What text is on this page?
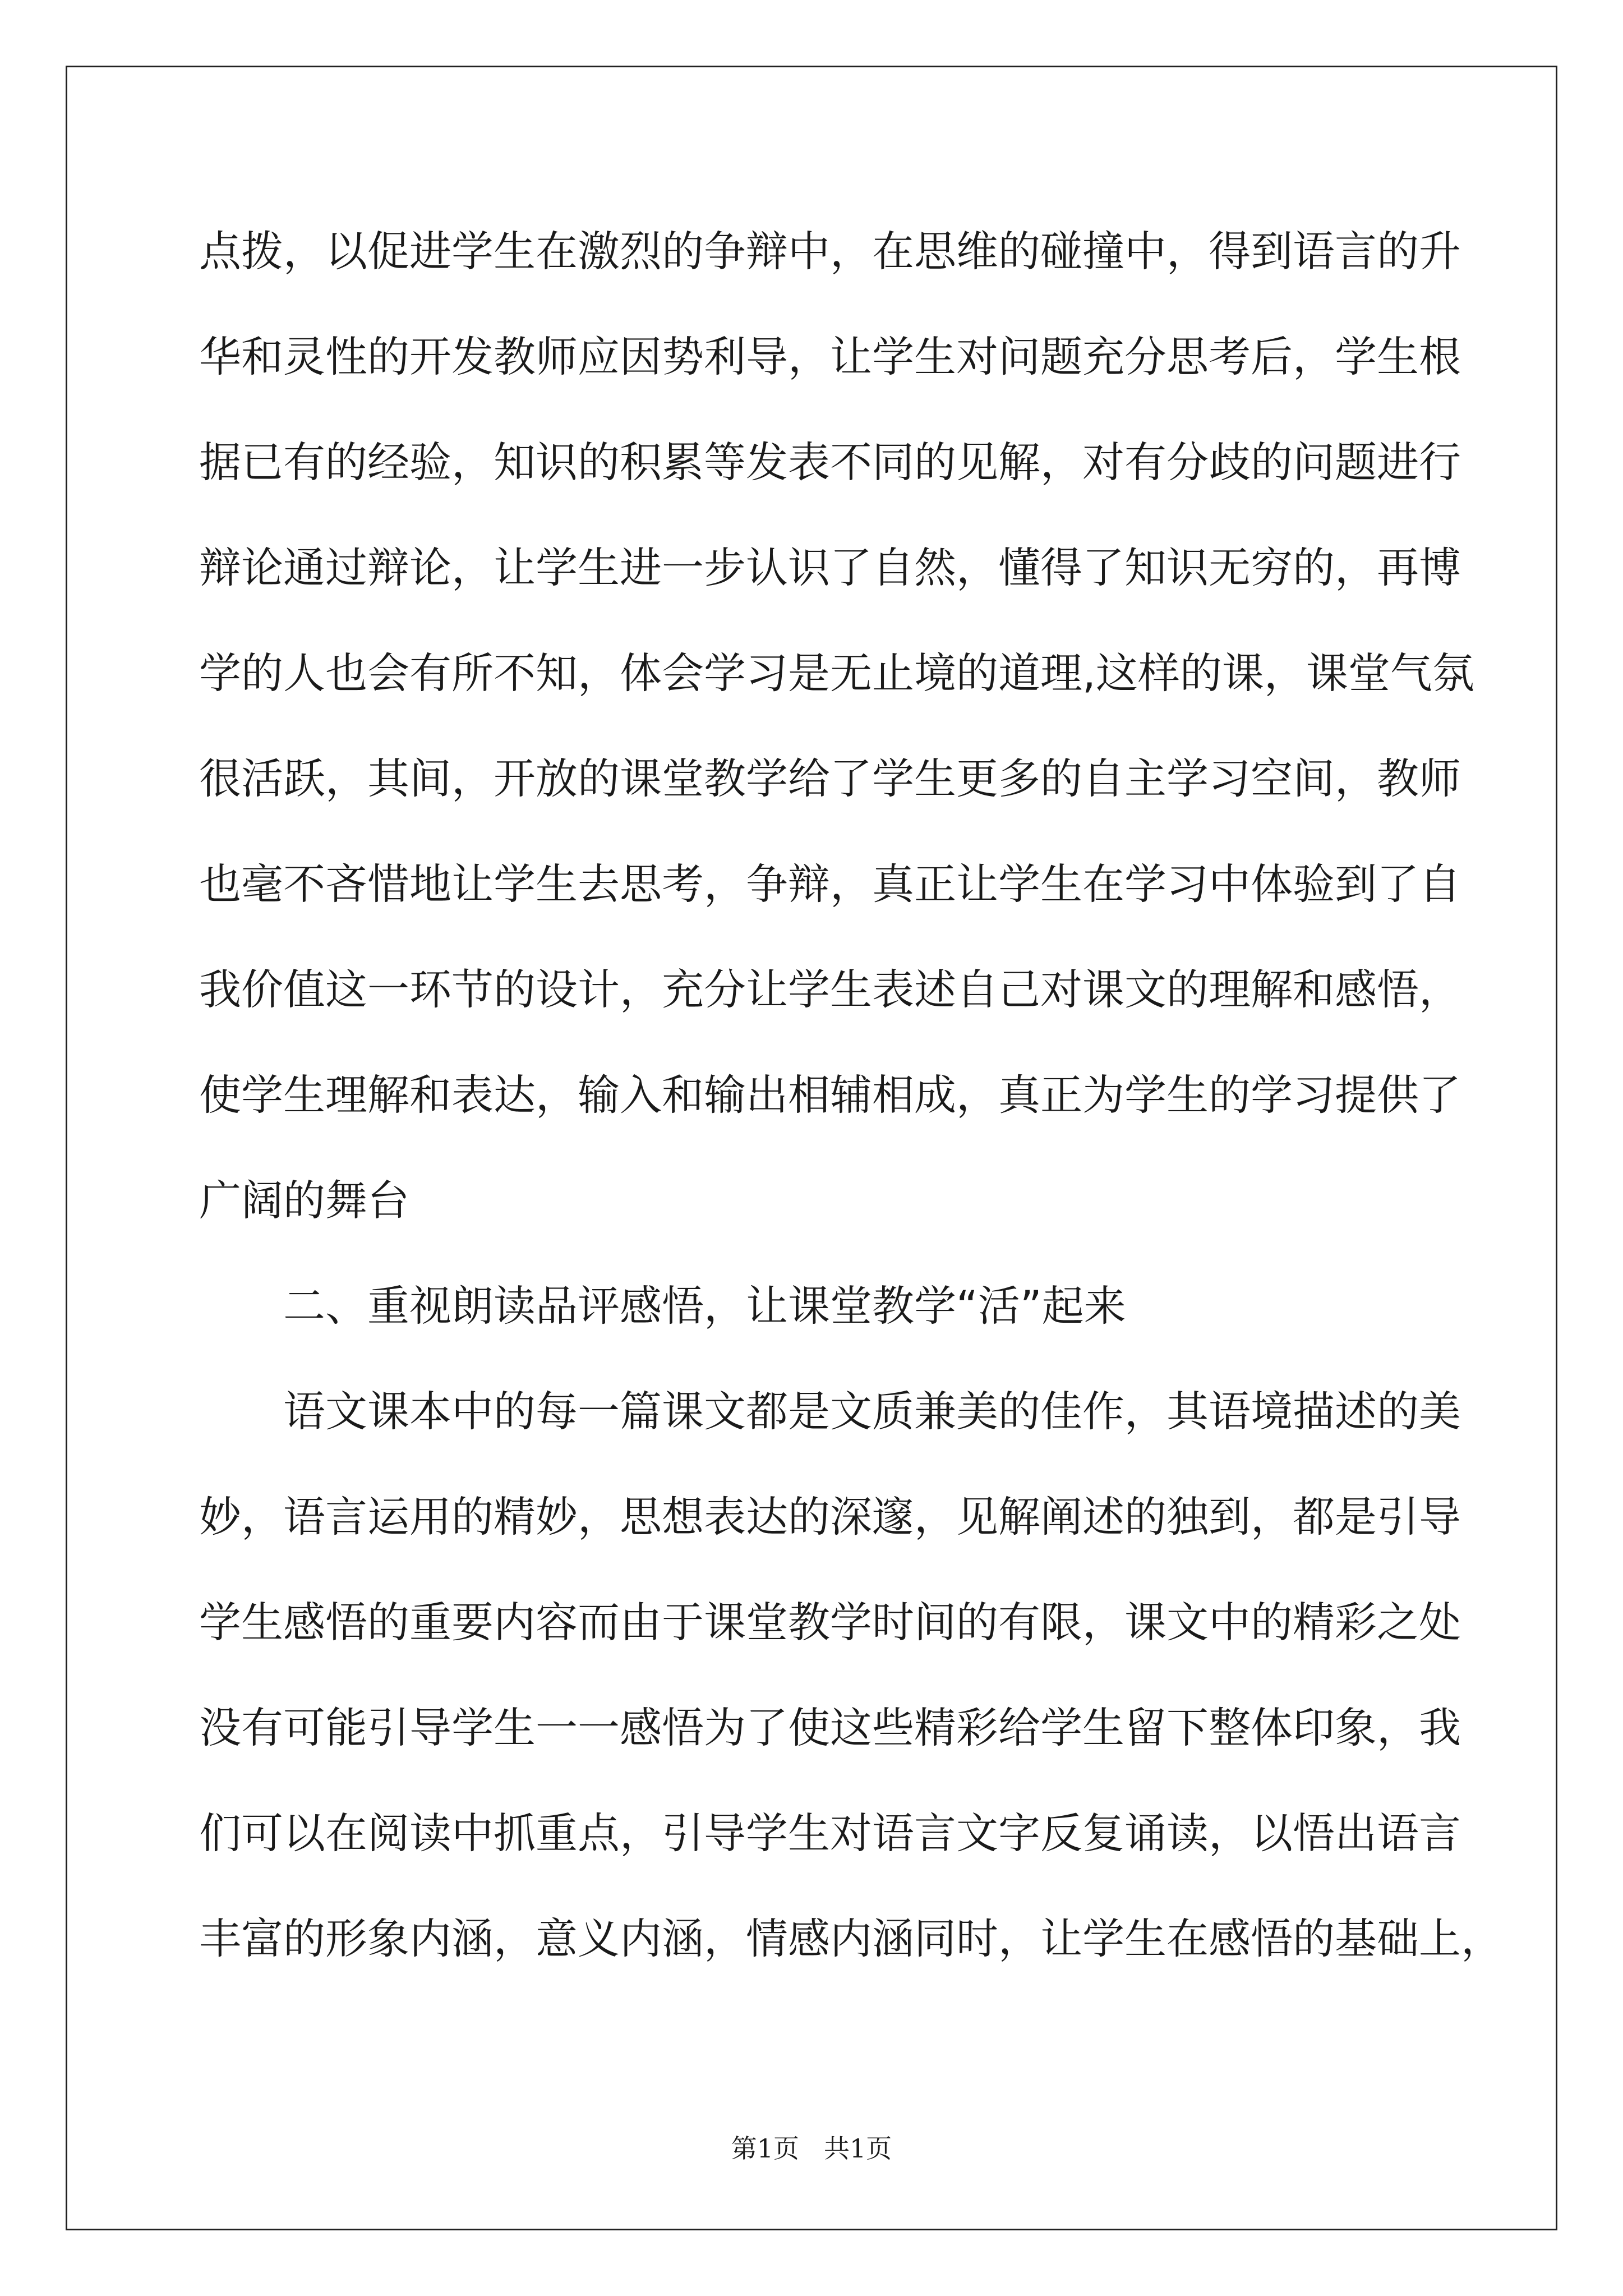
点拨，以促进学生在激烈的争辩中，在思维的碰撞中，得到语言的升
华和灵性的开发教师应因势利导，让学生对问题充分思考后，学生根
据已有的经验，知识的积累等发表不同的见解，对有分歧的问题进行
辩论通过辩论，让学生进一步认识了自然，懂得了知识无穷的，再博
学的人也会有所不知，体会学习是无止境的道理,这样的课，课堂气氛
很活跃，其间，开放的课堂教学给了学生更多的自主学习空间，教师
也毫不吝惜地让学生去思考，争辩，真正让学生在学习中体验到了自
我价值这一环节的设计，充分让学生表述自己对课文的理解和感悟，
使学生理解和表达，输入和输出相辅相成，真正为学生的学习提供了
广阔的舞台
二、重视朗读品评感悟，让课堂教学“活”起来
语文课本中的每一篇课文都是文质兼美的佳作，其语境描述的美
妙，语言运用的精妙，思想表达的深邃，见解阐述的独到，都是引导
学生感悟的重要内容而由于课堂教学时间的有限，课文中的精彩之处
没有可能引导学生一一感悟为了使这些精彩给学生留下整体印象，我
们可以在阅读中抓重点，引导学生对语言文字反复诵读，以悟出语言
丰富的形象内涵，意义内涵，情感内涵同时，让学生在感悟的基础上，
第1页 共1页
